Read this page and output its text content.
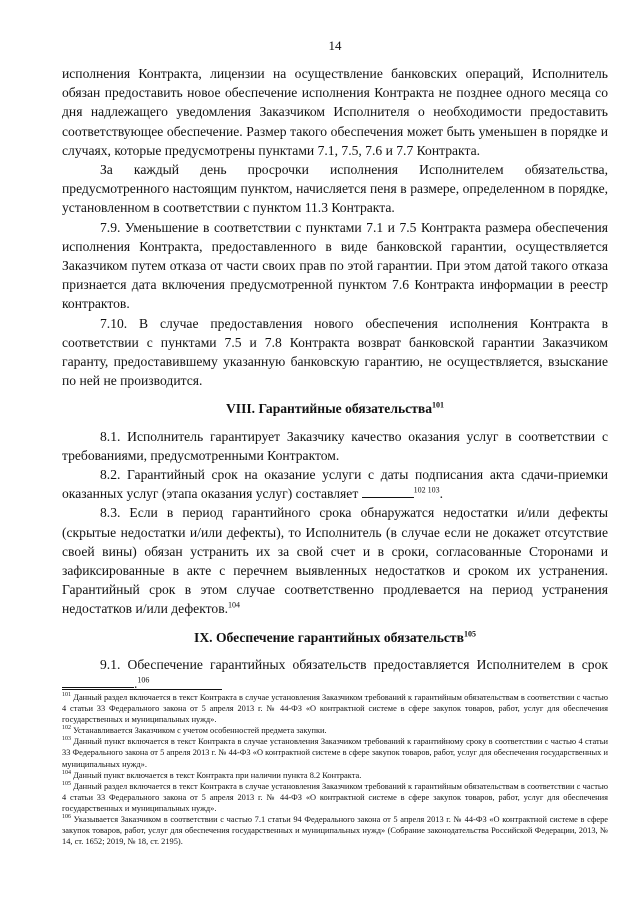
14

исполнения Контракта, лицензии на осуществление банковских операций, Исполнитель обязан предоставить новое обеспечение исполнения Контракта не позднее одного месяца со дня надлежащего уведомления Заказчиком Исполнителя о необходимости предоставить соответствующее обеспечение. Размер такого обеспечения может быть уменьшен в порядке и случаях, которые предусмотрены пунктами 7.1, 7.5, 7.6 и 7.7 Контракта.

За каждый день просрочки исполнения Исполнителем обязательства, предусмотренного настоящим пунктом, начисляется пеня в размере, определенном в порядке, установленном в соответствии с пунктом 11.3 Контракта.

7.9. Уменьшение в соответствии с пунктами 7.1 и 7.5 Контракта размера обеспечения исполнения Контракта, предоставленного в виде банковской гарантии, осуществляется Заказчиком путем отказа от части своих прав по этой гарантии. При этом датой такого отказа признается дата включения предусмотренной пунктом 7.6 Контракта информации в реестр контрактов.

7.10. В случае предоставления нового обеспечения исполнения Контракта в соответствии с пунктами 7.5 и 7.8 Контракта возврат банковской гарантии Заказчиком гаранту, предоставившему указанную банковскую гарантию, не осуществляется, взыскание по ней не производится.

VIII. Гарантийные обязательства$^{101}$

8.1. Исполнитель гарантирует Заказчику качество оказания услуг в соответствии с требованиями, предусмотренными Контрактом.

8.2. Гарантийный срок на оказание услуги с даты подписания акта сдачи-приемки оказанных услуг (этапа оказания услуг) составляет	$^{102 103}$.

8.3. Если в период гарантийного срока обнаружатся недостатки и/или дефекты (скрытые недостатки и/или дефекты), то Исполнитель (в случае если не докажет отсутствие своей вины) обязан устранить их за свой счет и в сроки, согласованные Сторонами и зафиксированные в акте с перечнем выявленных недостатков и сроком их устранения. Гарантийный срок в этом случае соответственно продлевается на период устранения недостатков и/или дефектов.$^{104}$

IX. Обеспечение гарантийных обязательств$^{105}$

9.1. Обеспечение гарантийных обязательств предоставляется Исполнителем в срок .$^{106}$

$^{101}$ Данный раздел включается в текст Контракта в случае установления Заказчиком требований к гарантийным обязательствам в соответствии с частью 4 статьи 33 Федерального закона от 5 апреля 2013 г. № 44-ФЗ «О контрактной системе в сфере закупок товаров, работ, услуг для обеспечения государственных и муниципальных нужд».

$^{102}$ Устанавливается Заказчиком с учетом особенностей предмета закупки.

$^{103}$ Данный пункт включается в текст Контракта в случае установления Заказчиком требований к гарантийному сроку в соответствии с частью 4 статьи 33 Федерального закона от 5 апреля 2013 г. № 44-ФЗ «О контрактной системе в сфере закупок товаров, работ, услуг для обеспечения государственных и муниципальных нужд».

$^{104}$ Данный пункт включается в текст Контракта при наличии пункта 8.2 Контракта.

$^{105}$ Данный раздел включается в текст Контракта в случае установления Заказчиком требований к гарантийным обязательствам в соответствии с частью 4 статьи 33 Федерального закона от 5 апреля 2013 г. № 44-ФЗ «О контрактной системе в сфере закупок товаров, работ, услуг для обеспечения государственных и муниципальных нужд».

$^{106}$ Указывается Заказчиком в соответствии с частью 7.1 статьи 94 Федерального закона от 5 апреля 2013 г. № 44-ФЗ «О контрактной системе в сфере закупок товаров, работ, услуг для обеспечения государственных и муниципальных нужд» (Собрание законодательства Российской Федерации, 2013, № 14, ст. 1652; 2019, № 18, ст. 2195).
